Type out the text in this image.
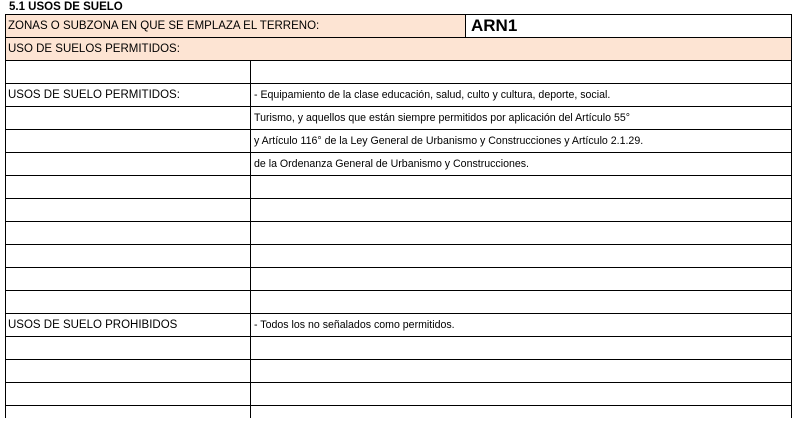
5.1 USOS DE SUELO
ZONAS O SUBZONA EN QUE SE EMPLAZA EL TERRENO:	ARN1
USO DE SUELOS PERMITIDOS:
USOS DE SUELO PERMITIDOS:	- Equipamiento de la clase educación, salud, culto y cultura, deporte, social.
Turismo, y aquellos que están siempre permitidos por aplicación del Artículo 55°
y Artículo 116° de la Ley General de Urbanismo y Construcciones y Artículo 2.1.29.
de la Ordenanza General de Urbanismo y Construcciones.
USOS DE SUELO PROHIBIDOS	- Todos los no señalados como permitidos.
